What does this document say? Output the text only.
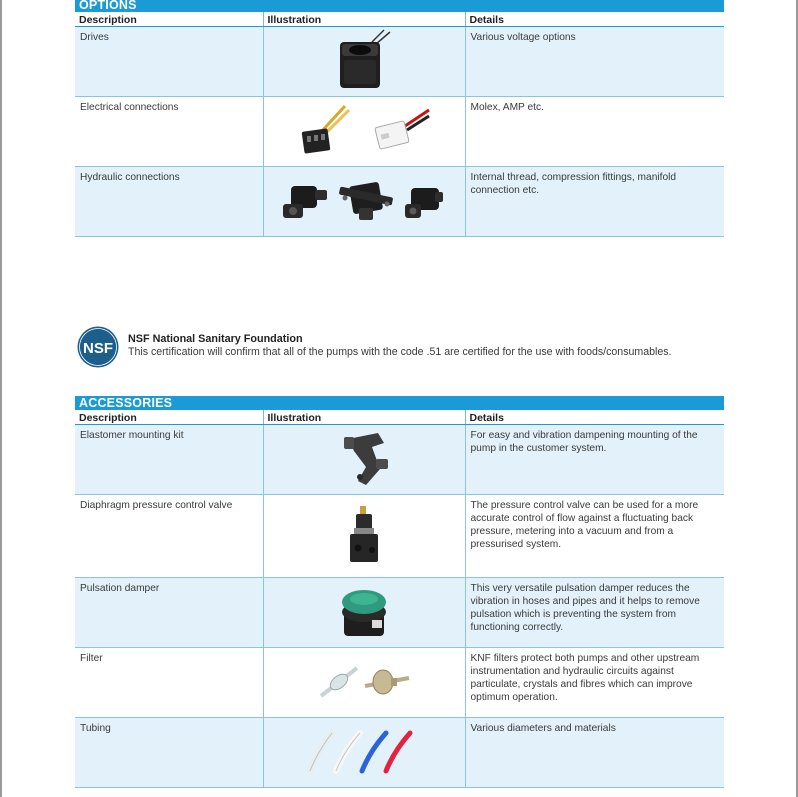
OPTIONS
Description	Illustration	Details
Drives		Various voltage options
Electrical connections		Molex, AMP etc.
Hydraulic connections		Internal thread, compression fittings, manifold connection etc.
NSF
NSF National Sanitary Foundation
This certification will confirm that all of the pumps with the code .51 are certified for the use with foods/consumables.
ACCESSORIES
Description	Illustration	Details
Elastomer mounting kit		For easy and vibration dampening mounting of the pump in the customer system.
Diaphragm pressure control valve		The pressure control valve can be used for a more accurate control of flow against a fluctuating back pressure, metering into a vacuum and from a pressurised system.
Pulsation damper		This very versatile pulsation damper reduces the vibration in hoses and pipes and it helps to remove pulsation which is preventing the system from functioning correctly.
Filter		KNF filters protect both pumps and other upstream instrumentation and hydraulic circuits against particulate, crystals and fibres which can improve optimum operation.
Tubing		Various diameters and materials
